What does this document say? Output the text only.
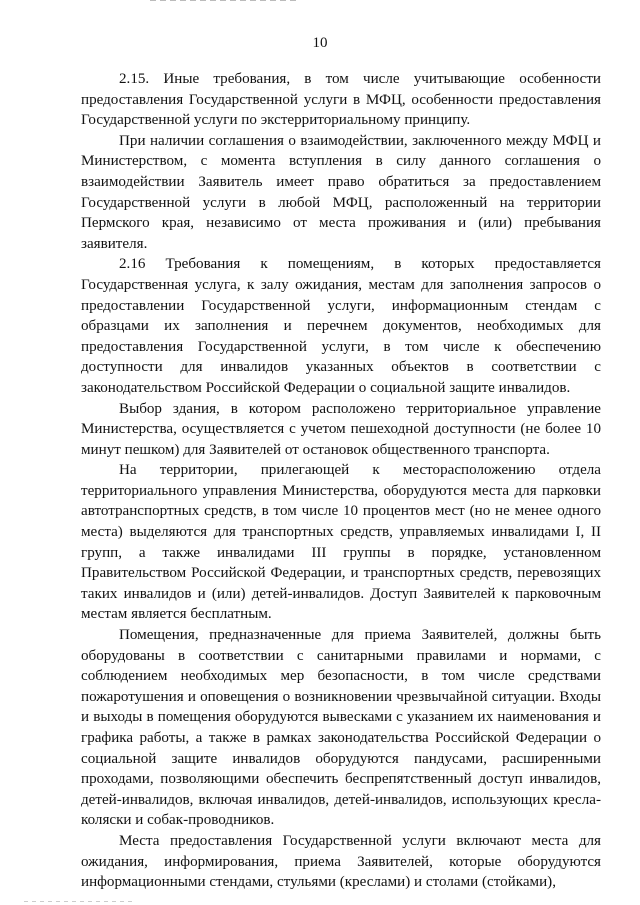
10

2.15. Иные требования, в том числе учитывающие особенности предоставления Государственной услуги в МФЦ, особенности предоставления Государственной услуги по экстерриториальному принципу.

При наличии соглашения о взаимодействии, заключенного между МФЦ и Министерством, с момента вступления в силу данного соглашения о взаимодействии Заявитель имеет право обратиться за предоставлением Государственной услуги в любой МФЦ, расположенный на территории Пермского края, независимо от места проживания и (или) пребывания заявителя.

2.16 Требования к помещениям, в которых предоставляется Государственная услуга, к залу ожидания, местам для заполнения запросов о предоставлении Государственной услуги, информационным стендам с образцами их заполнения и перечнем документов, необходимых для предоставления Государственной услуги, в том числе к обеспечению доступности для инвалидов указанных объектов в соответствии с законодательством Российской Федерации о социальной защите инвалидов.

Выбор здания, в котором расположено территориальное управление Министерства, осуществляется с учетом пешеходной доступности (не более 10 минут пешком) для Заявителей от остановок общественного транспорта.

На территории, прилегающей к месторасположению отдела территориального управления Министерства, оборудуются места для парковки автотранспортных средств, в том числе 10 процентов мест (но не менее одного места) выделяются для транспортных средств, управляемых инвалидами I, II групп, а также инвалидами III группы в порядке, установленном Правительством Российской Федерации, и транспортных средств, перевозящих таких инвалидов и (или) детей-инвалидов. Доступ Заявителей к парковочным местам является бесплатным.

Помещения, предназначенные для приема Заявителей, должны быть оборудованы в соответствии с санитарными правилами и нормами, с соблюдением необходимых мер безопасности, в том числе средствами пожаротушения и оповещения о возникновении чрезвычайной ситуации. Входы и выходы в помещения оборудуются вывесками с указанием их наименования и графика работы, а также в рамках законодательства Российской Федерации о социальной защите инвалидов оборудуются пандусами, расширенными проходами, позволяющими обеспечить беспрепятственный доступ инвалидов, детей-инвалидов, включая инвалидов, детей-инвалидов, использующих кресла-коляски и собак-проводников.

Места предоставления Государственной услуги включают места для ожидания, информирования, приема Заявителей, которые оборудуются информационными стендами, стульями (креслами) и столами (стойками),
